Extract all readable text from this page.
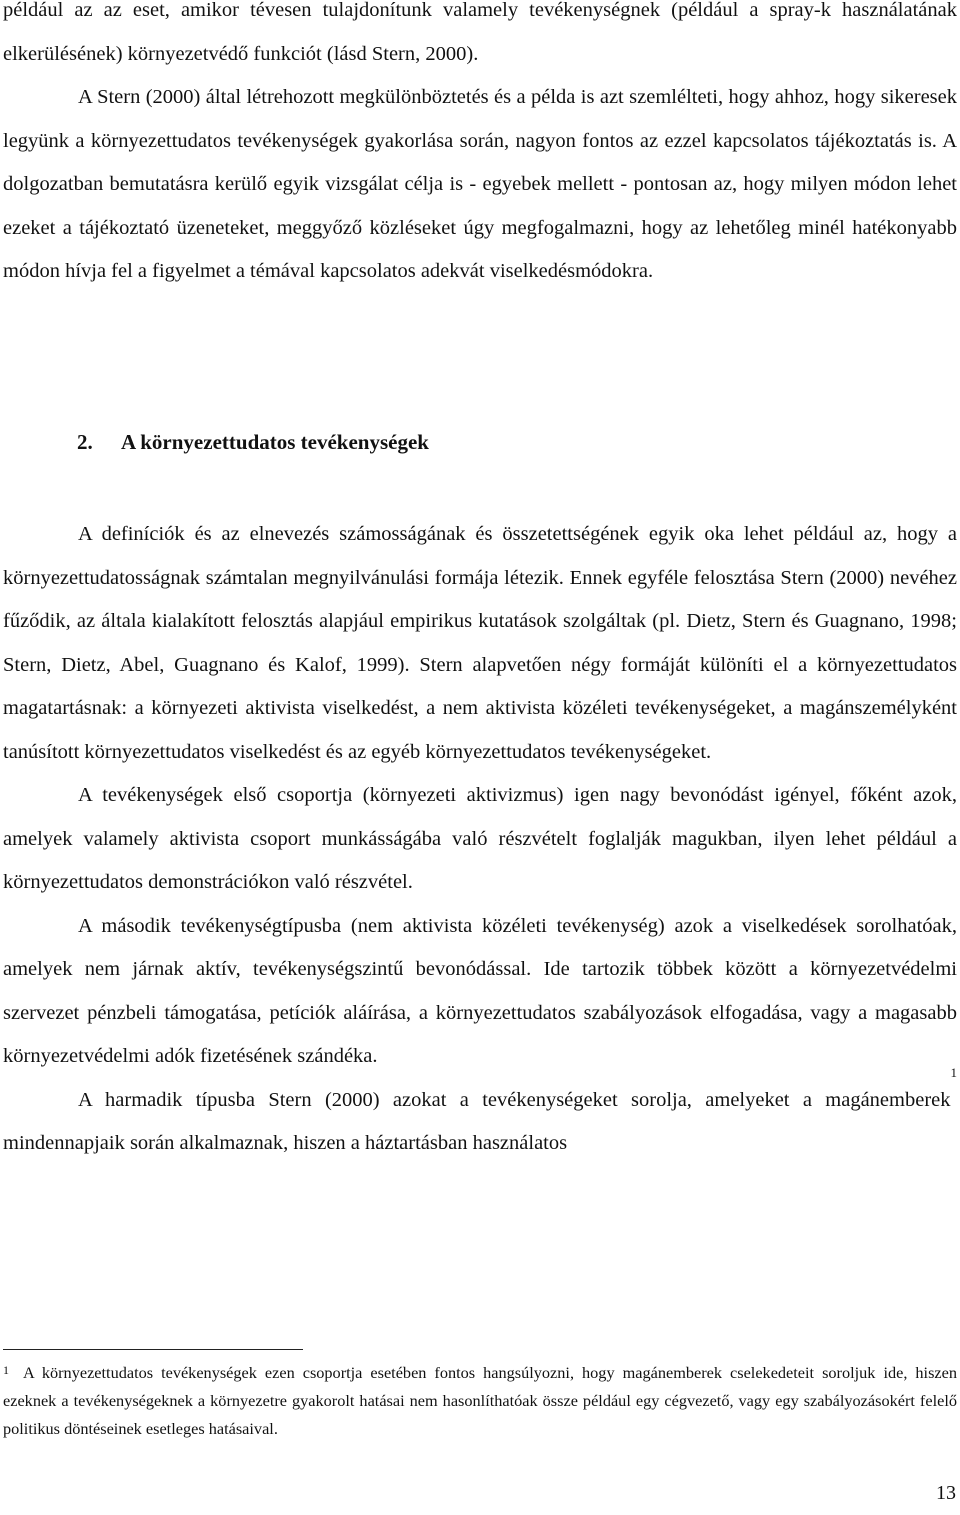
például az az eset, amikor tévesen tulajdonítunk valamely tevékenységnek (például a spray-k használatának elkerülésének) környezetvédő funkciót (lásd Stern, 2000).

A Stern (2000) által létrehozott megkülönböztetés és a példa is azt szemlélteti, hogy ahhoz, hogy sikeresek legyünk a környezettudatos tevékenységek gyakorlása során, nagyon fontos az ezzel kapcsolatos tájékoztatás is. A dolgozatban bemutatásra kerülő egyik vizsgálat célja is - egyebek mellett - pontosan az, hogy milyen módon lehet ezeket a tájékoztató üzeneteket, meggyőző közléseket úgy megfogalmazni, hogy az lehetőleg minél hatékonyabb módon hívja fel a figyelmet a témával kapcsolatos adekvát viselkedésmódokra.

2. A környezettudatos tevékenységek

A definíciók és az elnevezés számosságának és összetettségének egyik oka lehet például az, hogy a környezettudatosságnak számtalan megnyilvánulási formája létezik. Ennek egyféle felosztása Stern (2000) nevéhez fűződik, az általa kialakított felosztás alapjául empirikus kutatások szolgáltak (pl. Dietz, Stern és Guagnano, 1998; Stern, Dietz, Abel, Guagnano és Kalof, 1999). Stern alapvetően négy formáját különíti el a környezettudatos magatartásnak: a környezeti aktivista viselkedést, a nem aktivista közéleti tevékenységeket, a magánszemélyként tanúsított környezettudatos viselkedést és az egyéb környezettudatos tevékenységeket.

A tevékenységek első csoportja (környezeti aktivizmus) igen nagy bevonódást igényel, főként azok, amelyek valamely aktivista csoport munkásságába való részvételt foglalják magukban, ilyen lehet például a környezettudatos demonstrációkon való részvétel.

A második tevékenységtípusba (nem aktivista közéleti tevékenység) azok a viselkedések sorolhatóak, amelyek nem járnak aktív, tevékenységszintű bevonódással. Ide tartozik többek között a környezetvédelmi szervezet pénzbeli támogatása, petíciók aláírása, a környezettudatos szabályozások elfogadása, vagy a magasabb környezetvédelmi adók fizetésének szándéka.

A harmadik típusba Stern (2000) azokat a tevékenységeket sorolja, amelyeket a magánemberek$^1$ mindennapjaik során alkalmaznak, hiszen a háztartásban használatos

$^1$ A környezettudatos tevékenységek ezen csoportja esetében fontos hangsúlyozni, hogy magánemberek cselekedeteit soroljuk ide, hiszen ezeknek a tevékenységeknek a környezetre gyakorolt hatásai nem hasonlíthatóak össze például egy cégvezető, vagy egy szabályozásokért felelő politikus döntéseinek esetleges hatásaival.

13
